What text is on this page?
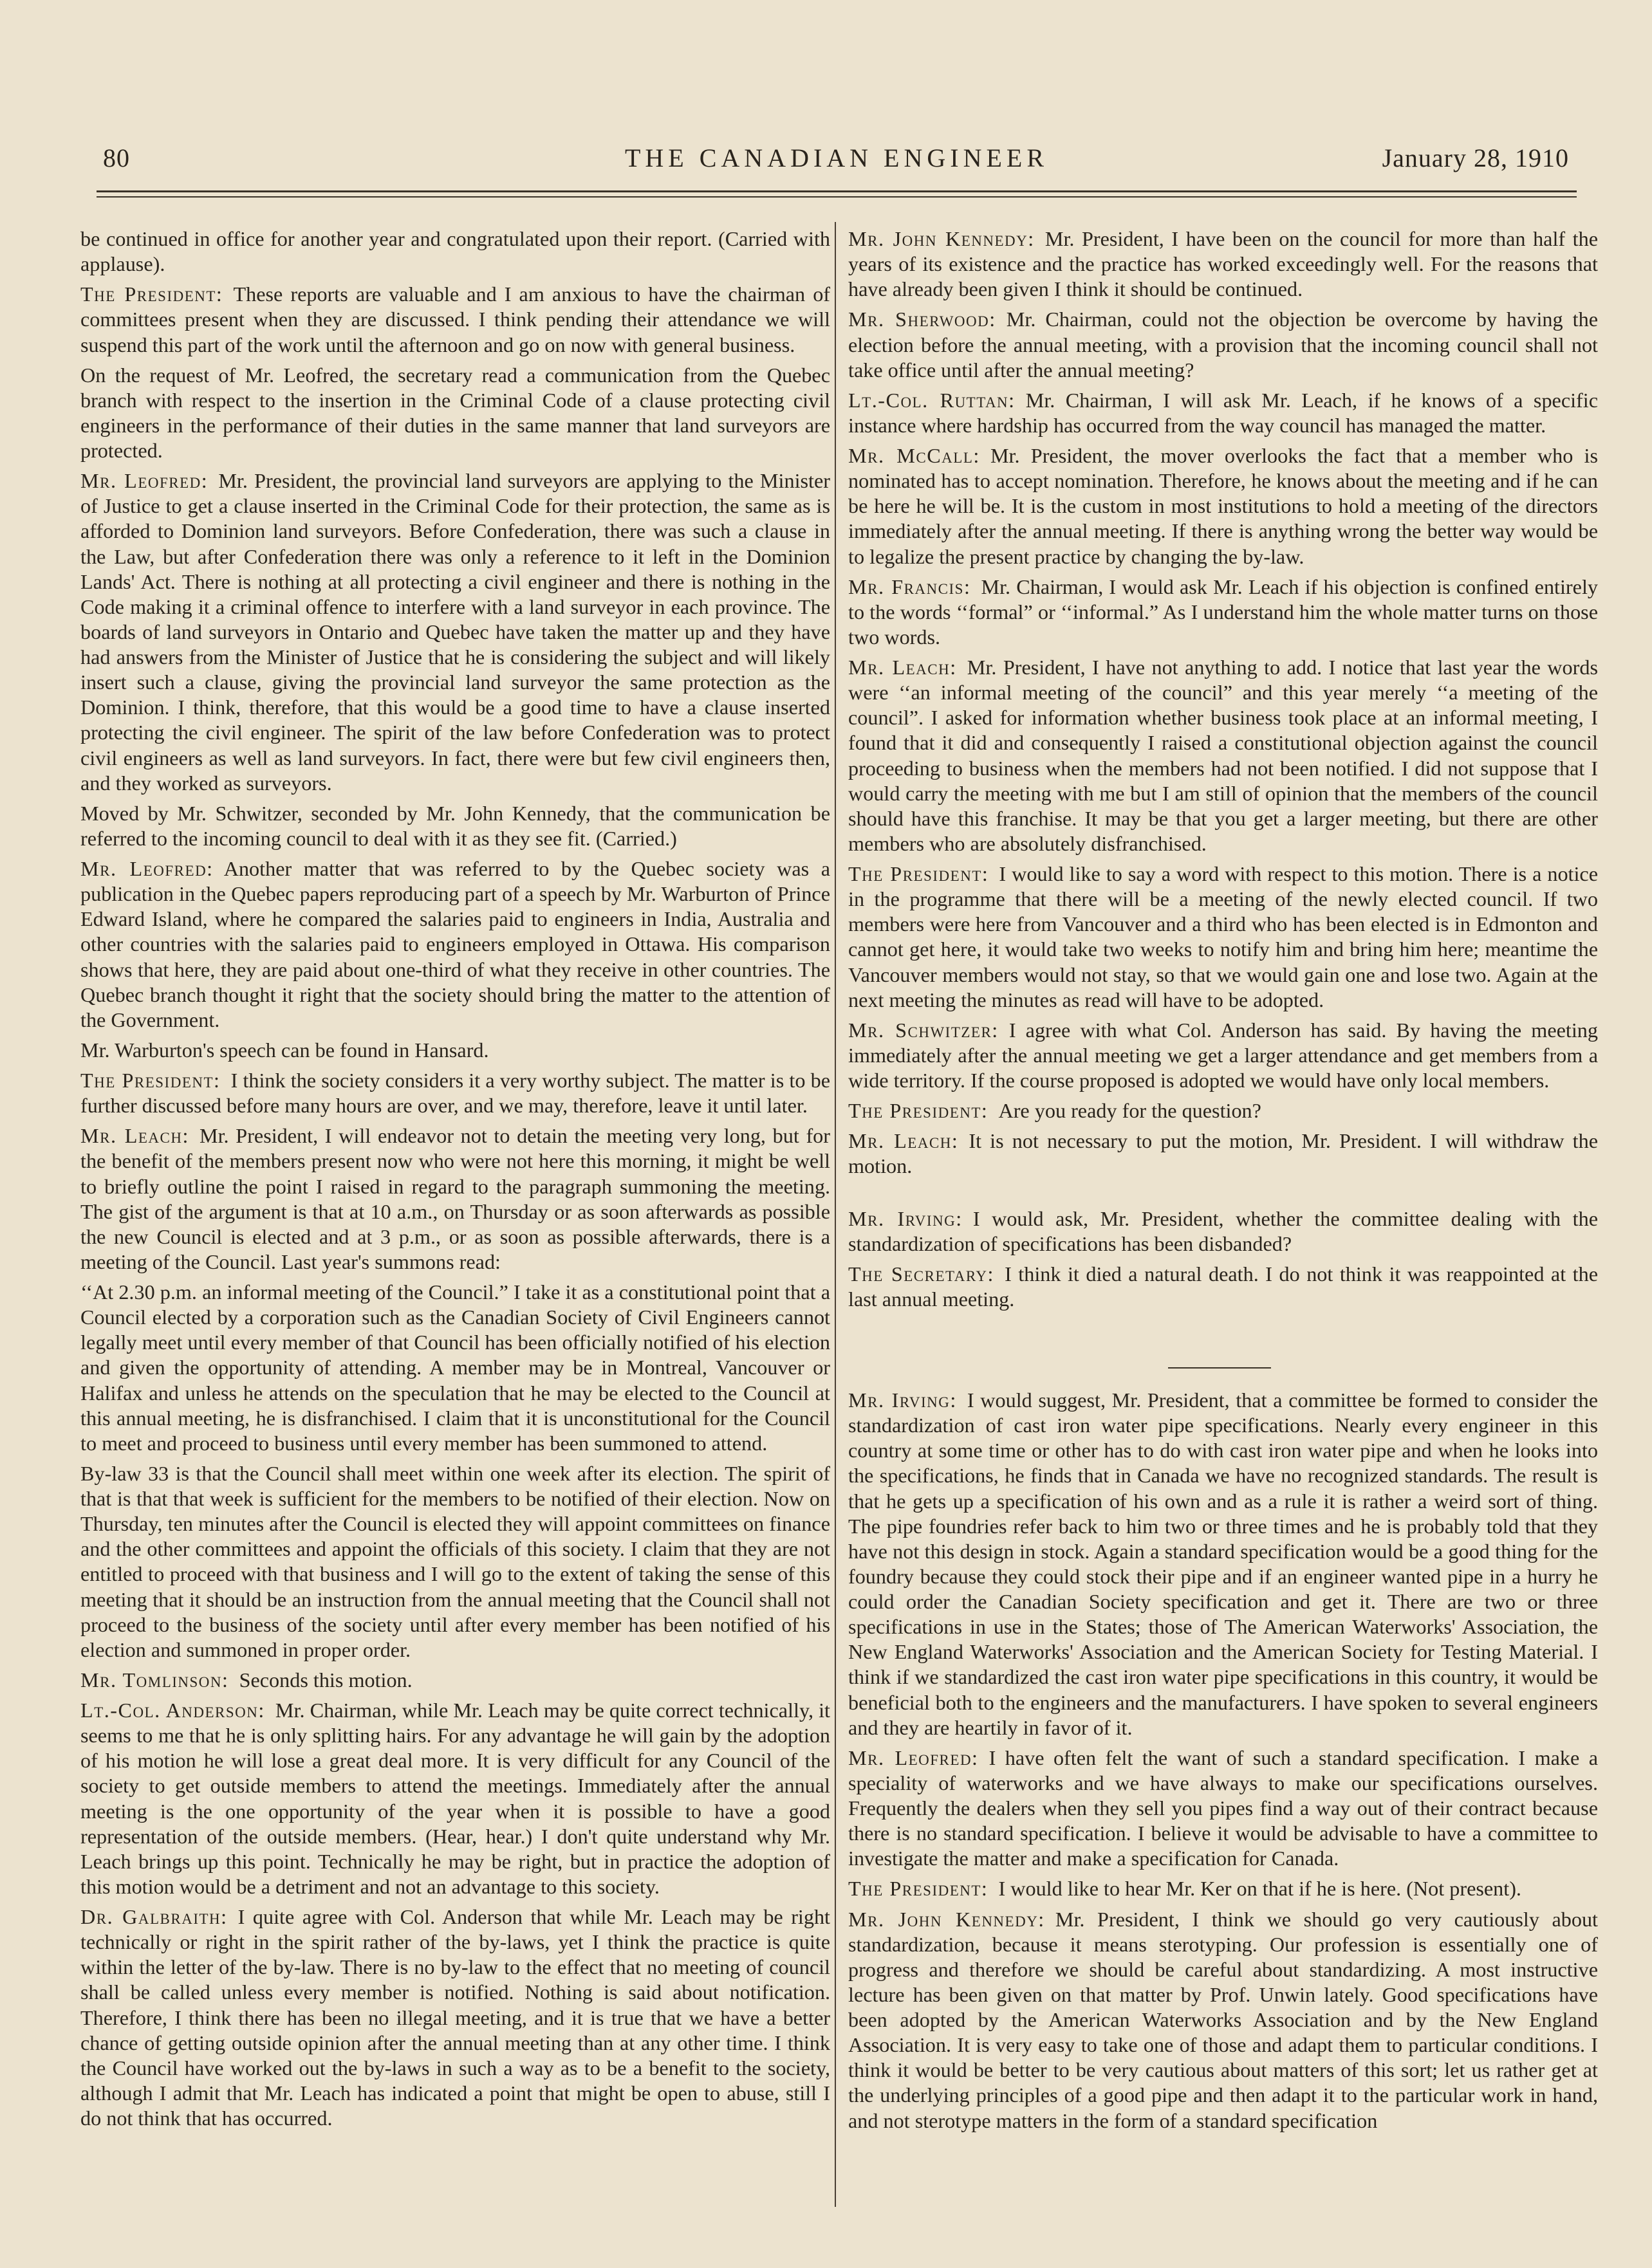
80	THE CANADIAN ENGINEER	January 28, 1910

be continued in office for another year and congratulated upon their report. (Carried with applause).

The President:  These reports are valuable and I am anxious to have the chairman of committees present when they are discussed. I think pending their attendance we will suspend this part of the work until the afternoon and go on now with general business.

On the request of Mr. Leofred, the secretary read a communication from the Quebec branch with respect to the insertion in the Criminal Code of a clause protecting civil engineers in the performance of their duties in the same manner that land surveyors are protected.

Mr. Leofred:  Mr. President, the provincial land surveyors are applying to the Minister of Justice to get a clause inserted in the Criminal Code for their protection, the same as is afforded to Dominion land surveyors. Before Confederation, there was such a clause in the Law, but after Confederation there was only a reference to it left in the Dominion Lands' Act. There is nothing at all protecting a civil engineer and there is nothing in the Code making it a criminal offence to interfere with a land surveyor in each province. The boards of land surveyors in Ontario and Quebec have taken the matter up and they have had answers from the Minister of Justice that he is considering the subject and will likely insert such a clause, giving the provincial land surveyor the same protection as the Dominion. I think, therefore, that this would be a good time to have a clause inserted protecting the civil engineer. The spirit of the law before Confederation was to protect civil engineers as well as land surveyors. In fact, there were but few civil engineers then, and they worked as surveyors.

Moved by Mr. Schwitzer, seconded by Mr. John Kennedy, that the communication be referred to the incoming council to deal with it as they see fit. (Carried.)

Mr. Leofred:  Another matter that was referred to by the Quebec society was a publication in the Quebec papers reproducing part of a speech by Mr. Warburton of Prince Edward Island, where he compared the salaries paid to engineers in India, Australia and other countries with the salaries paid to engineers employed in Ottawa. His comparison shows that here, they are paid about one-third of what they receive in other countries. The Quebec branch thought it right that the society should bring the matter to the attention of the Government.

Mr. Warburton's speech can be found in Hansard.

The President:  I think the society considers it a very worthy subject. The matter is to be further discussed before many hours are over, and we may, therefore, leave it until later.

Mr. Leach:  Mr. President, I will endeavor not to detain the meeting very long, but for the benefit of the members present now who were not here this morning, it might be well to briefly outline the point I raised in regard to the paragraph summoning the meeting. The gist of the argument is that at 10 a.m., on Thursday or as soon afterwards as possible the new Council is elected and at 3 p.m., or as soon as possible afterwards, there is a meeting of the Council. Last year's summons read:

‘‘At 2.30 p.m. an informal meeting of the Council.” I take it as a constitutional point that a Council elected by a corporation such as the Canadian Society of Civil Engineers cannot legally meet until every member of that Council has been officially notified of his election and given the opportunity of attending. A member may be in Montreal, Vancouver or Halifax and unless he attends on the speculation that he may be elected to the Council at this annual meeting, he is disfranchised. I claim that it is unconstitutional for the Council to meet and proceed to business until every member has been summoned to attend.

By-law 33 is that the Council shall meet within one week after its election. The spirit of that is that that week is sufficient for the members to be notified of their election. Now on Thursday, ten minutes after the Council is elected they will appoint committees on finance and the other committees and appoint the officials of this society. I claim that they are not entitled to proceed with that business and I will go to the extent of taking the sense of this meeting that it should be an instruction from the annual meeting that the Council shall not proceed to the business of the society until after every member has been notified of his election and summoned in proper order.

Mr. Tomlinson:  Seconds this motion.

Lt.-Col. Anderson:  Mr. Chairman, while Mr. Leach may be quite correct technically, it seems to me that he is only splitting hairs. For any advantage he will gain by the adoption of his motion he will lose a great deal more. It is very difficult for any Council of the society to get outside members to attend the meetings. Immediately after the annual meeting is the one opportunity of the year when it is possible to have a good representation of the outside members. (Hear, hear.) I don't quite understand why Mr. Leach brings up this point. Technically he may be right, but in practice the adoption of this motion would be a detriment and not an advantage to this society.

Dr. Galbraith:  I quite agree with Col. Anderson that while Mr. Leach may be right technically or right in the spirit rather of the by-laws, yet I think the practice is quite within the letter of the by-law. There is no by-law to the effect that no meeting of council shall be called unless every member is notified. Nothing is said about notification. Therefore, I think there has been no illegal meeting, and it is true that we have a better chance of getting outside opinion after the annual meeting than at any other time. I think the Council have worked out the by-laws in such a way as to be a benefit to the society, although I admit that Mr. Leach has indicated a point that might be open to abuse, still I do not think that has occurred.

Mr. John Kennedy:  Mr. President, I have been on the council for more than half the years of its existence and the practice has worked exceedingly well. For the reasons that have already been given I think it should be continued.

Mr. Sherwood:  Mr. Chairman, could not the objection be overcome by having the election before the annual meeting, with a provision that the incoming council shall not take office until after the annual meeting?

Lt.-Col. Ruttan:  Mr. Chairman, I will ask Mr. Leach, if he knows of a specific instance where hardship has occurred from the way council has managed the matter.

Mr. McCall:  Mr. President, the mover overlooks the fact that a member who is nominated has to accept nomination. Therefore, he knows about the meeting and if he can be here he will be. It is the custom in most institutions to hold a meeting of the directors immediately after the annual meeting. If there is anything wrong the better way would be to legalize the present practice by changing the by-law.

Mr. Francis:  Mr. Chairman, I would ask Mr. Leach if his objection is confined entirely to the words ‘‘formal” or ‘‘informal.” As I understand him the whole matter turns on those two words.

Mr. Leach:  Mr. President, I have not anything to add. I notice that last year the words were ‘‘an informal meeting of the council” and this year merely ‘‘a meeting of the council”. I asked for information whether business took place at an informal meeting, I found that it did and consequently I raised a constitutional objection against the council proceeding to business when the members had not been notified. I did not suppose that I would carry the meeting with me but I am still of opinion that the members of the council should have this franchise. It may be that you get a larger meeting, but there are other members who are absolutely disfranchised.

The President:  I would like to say a word with respect to this motion. There is a notice in the programme that there will be a meeting of the newly elected council. If two members were here from Vancouver and a third who has been elected is in Edmonton and cannot get here, it would take two weeks to notify him and bring him here; meantime the Vancouver members would not stay, so that we would gain one and lose two. Again at the next meeting the minutes as read will have to be adopted.

Mr. Schwitzer:  I agree with what Col. Anderson has said. By having the meeting immediately after the annual meeting we get a larger attendance and get members from a wide territory. If the course proposed is adopted we would have only local members.

The President:  Are you ready for the question?

Mr. Leach:  It is not necessary to put the motion, Mr. President. I will withdraw the motion.

Mr. Irving:  I would ask, Mr. President, whether the committee dealing with the standardization of specifications has been disbanded?

The Secretary:  I think it died a natural death. I do not think it was reappointed at the last annual meeting.

Mr. Irving:  I would suggest, Mr. President, that a committee be formed to consider the standardization of cast iron water pipe specifications. Nearly every engineer in this country at some time or other has to do with cast iron water pipe and when he looks into the specifications, he finds that in Canada we have no recognized standards. The result is that he gets up a specification of his own and as a rule it is rather a weird sort of thing. The pipe foundries refer back to him two or three times and he is probably told that they have not this design in stock. Again a standard specification would be a good thing for the foundry because they could stock their pipe and if an engineer wanted pipe in a hurry he could order the Canadian Society specification and get it. There are two or three specifications in use in the States; those of The American Waterworks' Association, the New England Waterworks' Association and the American Society for Testing Material. I think if we standardized the cast iron water pipe specifications in this country, it would be beneficial both to the engineers and the manufacturers. I have spoken to several engineers and they are heartily in favor of it.

Mr. Leofred:  I have often felt the want of such a standard specification. I make a speciality of waterworks and we have always to make our specifications ourselves. Frequently the dealers when they sell you pipes find a way out of their contract because there is no standard specification. I believe it would be advisable to have a committee to investigate the matter and make a specification for Canada.

The President:  I would like to hear Mr. Ker on that if he is here. (Not present).

Mr. John Kennedy:  Mr. President, I think we should go very cautiously about standardization, because it means sterotyping. Our profession is essentially one of progress and therefore we should be careful about standardizing. A most instructive lecture has been given on that matter by Prof. Unwin lately. Good specifications have been adopted by the American Waterworks Association and by the New England Association. It is very easy to take one of those and adapt them to particular conditions. I think it would be better to be very cautious about matters of this sort; let us rather get at the underlying principles of a good pipe and then adapt it to the particular work in hand, and not sterotype matters in the form of a standard specification
